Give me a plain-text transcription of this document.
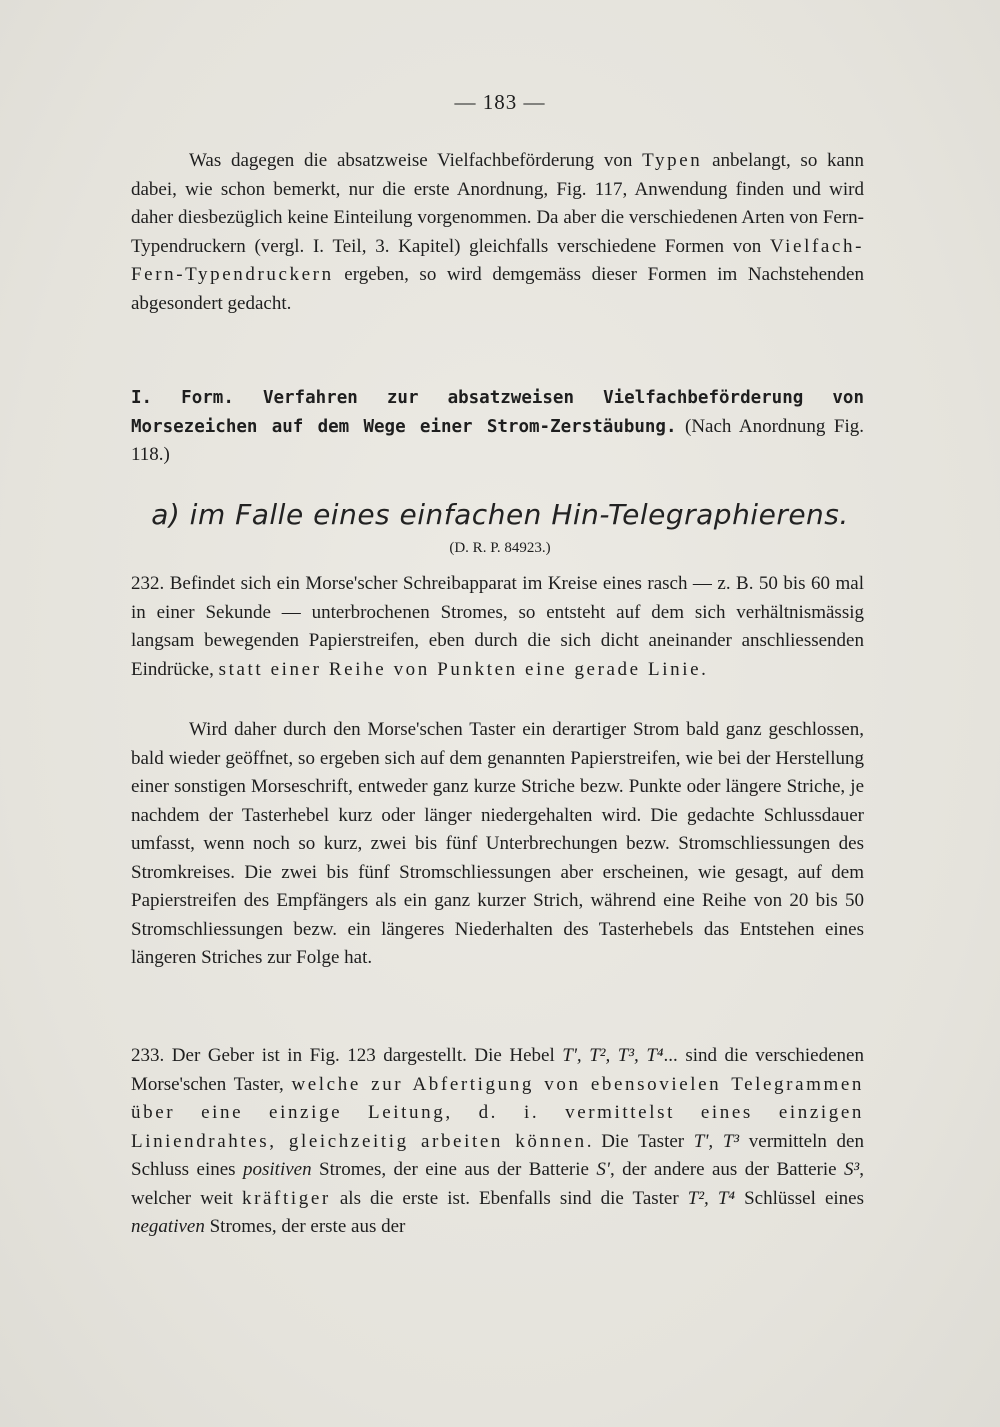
— 183 —

Was dagegen die absatzweise Vielfachbeförderung von Typen anbelangt, so kann dabei, wie schon bemerkt, nur die erste Anordnung, Fig. 117, Anwendung finden und wird daher diesbezüglich keine Einteilung vorgenommen. Da aber die verschiedenen Arten von Fern-Typendruckern (vergl. I. Teil, 3. Kapitel) gleichfalls verschiedene Formen von Vielfach-Fern-Typendruckern ergeben, so wird demgemäss dieser Formen im Nachstehenden abgesondert gedacht.

I. Form. Verfahren zur absatzweisen Vielfachbeförderung von Morsezeichen auf dem Wege einer Strom-Zerstäubung. (Nach Anordnung Fig. 118.)

a) im Falle eines einfachen Hin-Telegraphierens.
(D. R. P. 84923.)

232. Befindet sich ein Morse'scher Schreibapparat im Kreise eines rasch — z. B. 50 bis 60 mal in einer Sekunde — unterbrochenen Stromes, so entsteht auf dem sich verhältnismässig langsam bewegenden Papierstreifen, eben durch die sich dicht aneinander anschliessenden Eindrücke, statt einer Reihe von Punkten eine gerade Linie.

Wird daher durch den Morse'schen Taster ein derartiger Strom bald ganz geschlossen, bald wieder geöffnet, so ergeben sich auf dem genannten Papierstreifen, wie bei der Herstellung einer sonstigen Morseschrift, entweder ganz kurze Striche bezw. Punkte oder längere Striche, je nachdem der Tasterhebel kurz oder länger niedergehalten wird. Die gedachte Schlussdauer umfasst, wenn noch so kurz, zwei bis fünf Unterbrechungen bezw. Stromschliessungen des Stromkreises. Die zwei bis fünf Stromschliessungen aber erscheinen, wie gesagt, auf dem Papierstreifen des Empfängers als ein ganz kurzer Strich, während eine Reihe von 20 bis 50 Stromschliessungen bezw. ein längeres Niederhalten des Tasterhebels das Entstehen eines längeren Striches zur Folge hat.

233. Der Geber ist in Fig. 123 dargestellt. Die Hebel T', T², T³, T⁴... sind die verschiedenen Morse'schen Taster, welche zur Abfertigung von ebensovielen Telegrammen über eine einzige Leitung, d. i. vermittelst eines einzigen Liniendrahtes, gleichzeitig arbeiten können. Die Taster T', T³ vermitteln den Schluss eines positiven Stromes, der eine aus der Batterie S', der andere aus der Batterie S³, welcher weit kräftiger als die erste ist. Ebenfalls sind die Taster T², T⁴ Schlüssel eines negativen Stromes, der erste aus der
